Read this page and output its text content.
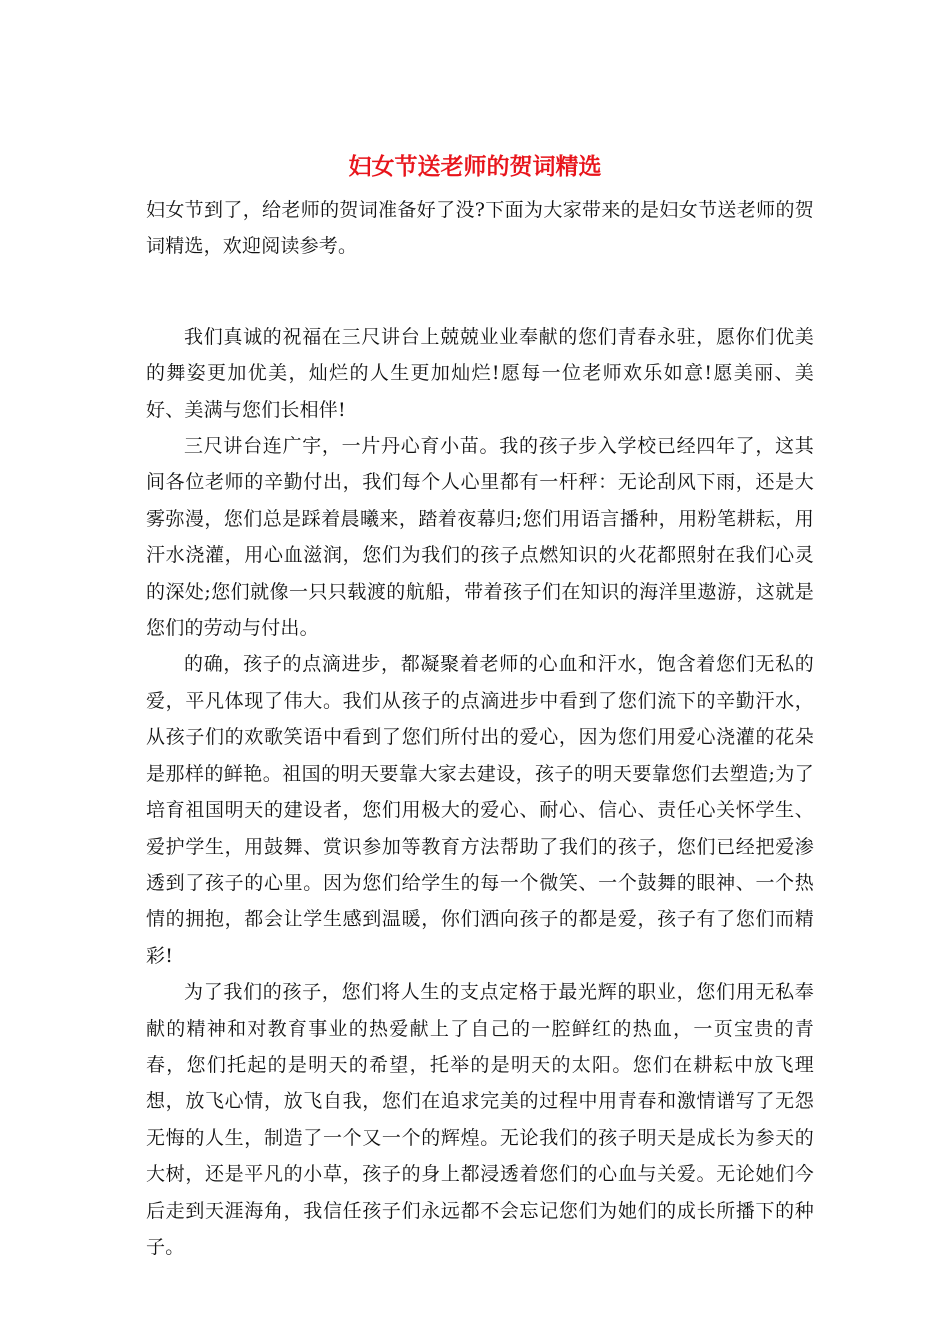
妇女节送老师的贺词精选

妇女节到了，给老师的贺词准备好了没?下面为大家带来的是妇女节送老师的贺词精选，欢迎阅读参考。

我们真诚的祝福在三尺讲台上兢兢业业奉献的您们青春永驻，愿你们优美的舞姿更加优美，灿烂的人生更加灿烂!愿每一位老师欢乐如意!愿美丽、美好、美满与您们长相伴!

三尺讲台连广宇，一片丹心育小苗。我的孩子步入学校已经四年了，这其间各位老师的辛勤付出，我们每个人心里都有一杆秤：无论刮风下雨，还是大雾弥漫，您们总是踩着晨曦来，踏着夜幕归;您们用语言播种，用粉笔耕耘，用汗水浇灌，用心血滋润，您们为我们的孩子点燃知识的火花都照射在我们心灵的深处;您们就像一只只载渡的航船，带着孩子们在知识的海洋里遨游，这就是您们的劳动与付出。

的确，孩子的点滴进步，都凝聚着老师的心血和汗水，饱含着您们无私的爱，平凡体现了伟大。我们从孩子的点滴进步中看到了您们流下的辛勤汗水，从孩子们的欢歌笑语中看到了您们所付出的爱心，因为您们用爱心浇灌的花朵是那样的鲜艳。祖国的明天要靠大家去建设，孩子的明天要靠您们去塑造;为了培育祖国明天的建设者，您们用极大的爱心、耐心、信心、责任心关怀学生、爱护学生，用鼓舞、赏识参加等教育方法帮助了我们的孩子，您们已经把爱渗透到了孩子的心里。因为您们给学生的每一个微笑、一个鼓舞的眼神、一个热情的拥抱，都会让学生感到温暖，你们洒向孩子的都是爱，孩子有了您们而精彩!

为了我们的孩子，您们将人生的支点定格于最光辉的职业，您们用无私奉献的精神和对教育事业的热爱献上了自己的一腔鲜红的热血，一页宝贵的青春，您们托起的是明天的希望，托举的是明天的太阳。您们在耕耘中放飞理想，放飞心情，放飞自我，您们在追求完美的过程中用青春和激情谱写了无怨无悔的人生，制造了一个又一个的辉煌。无论我们的孩子明天是成长为参天的大树，还是平凡的小草，孩子的身上都浸透着您们的心血与关爱。无论她们今后走到天涯海角，我信任孩子们永远都不会忘记您们为她们的成长所播下的种子。
